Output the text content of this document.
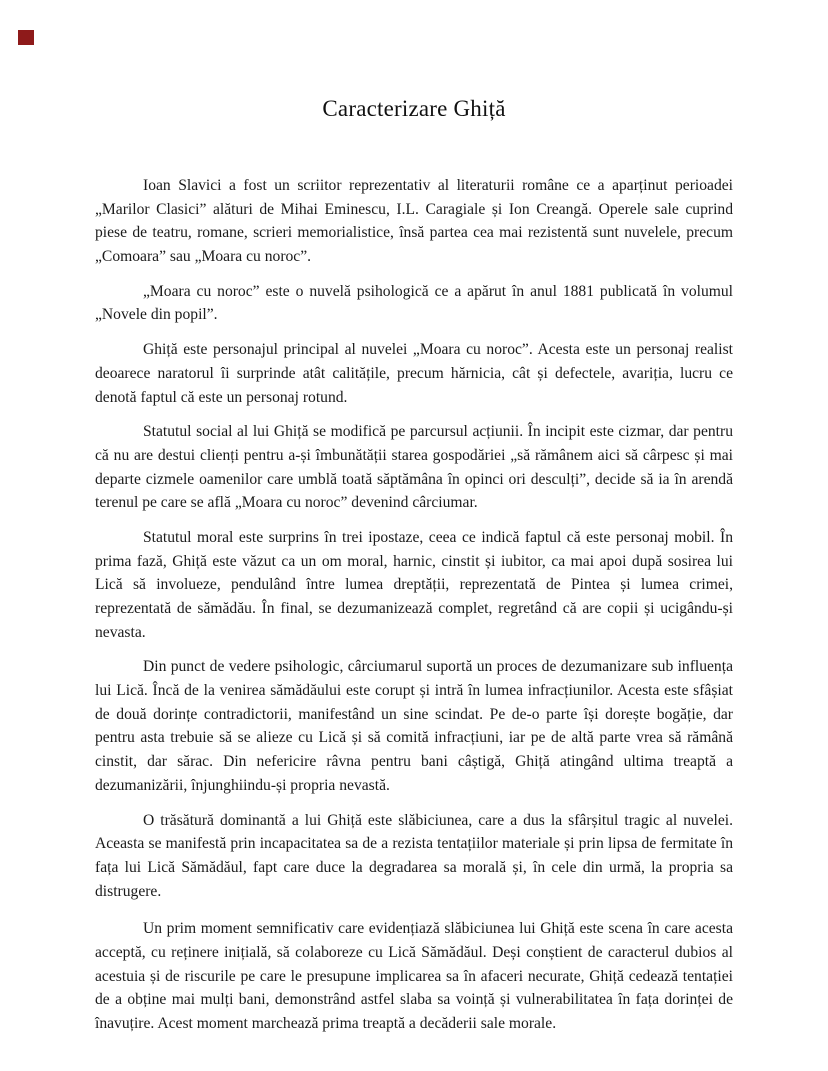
Caracterizare Ghiță

Ioan Slavici a fost un scriitor reprezentativ al literaturii române ce a aparținut perioadei „Marilor Clasici” alături de Mihai Eminescu, I.L. Caragiale și Ion Creangă. Operele sale cuprind piese de teatru, romane, scrieri memorialistice, însă partea cea mai rezistentă sunt nuvelele, precum „Comoara” sau „Moara cu noroc”.

„Moara cu noroc” este o nuvelă psihologică ce a apărut în anul 1881 publicată în volumul „Novele din popil”.

Ghiță este personajul principal al nuvelei „Moara cu noroc”. Acesta este un personaj realist deoarece naratorul îi surprinde atât calitățile, precum hărnicia, cât și defectele, avariția, lucru ce denotă faptul că este un personaj rotund.

Statutul social al lui Ghiță se modifică pe parcursul acțiunii. În incipit este cizmar, dar pentru că nu are destui clienți pentru a-și îmbunătății starea gospodăriei „să rămânem aici să cârpesc și mai departe cizmele oamenilor care umblă toată săptămâna în opinci ori desculți”, decide să ia în arendă terenul pe care se află „Moara cu noroc” devenind cârciumar.

Statutul moral este surprins în trei ipostaze, ceea ce indică faptul că este personaj mobil. În prima fază, Ghiță este văzut ca un om moral, harnic, cinstit și iubitor, ca mai apoi după sosirea lui Lică să involueze, pendulând între lumea dreptății, reprezentată de Pintea și lumea crimei, reprezentată de sămădău. În final, se dezumanizează complet, regretând că are copii și ucigându-și nevasta.

Din punct de vedere psihologic, cârciumarul suportă un proces de dezumanizare sub influența lui Lică. Încă de la venirea sămădăului este corupt și intră în lumea infracțiunilor. Acesta este sfâșiat de două dorințe contradictorii, manifestând un sine scindat. Pe de-o parte își dorește bogăție, dar pentru asta trebuie să se alieze cu Lică și să comită infracțiuni, iar pe de altă parte vrea să rămână cinstit, dar sărac. Din nefericire râvna pentru bani câștigă, Ghiță atingând ultima treaptă a dezumanizării, înjunghiindu-și propria nevastă.

O trăsătură dominantă a lui Ghiță este slăbiciunea, care a dus la sfârșitul tragic al nuvelei. Aceasta se manifestă prin incapacitatea sa de a rezista tentațiilor materiale și prin lipsa de fermitate în fața lui Lică Sămădăul, fapt care duce la degradarea sa morală și, în cele din urmă, la propria sa distrugere.

Un prim moment semnificativ care evidențiază slăbiciunea lui Ghiță este scena în care acesta acceptă, cu reținere inițială, să colaboreze cu Lică Sămădăul. Deși conștient de caracterul dubios al acestuia și de riscurile pe care le presupune implicarea sa în afaceri necurate, Ghiță cedează tentației de a obține mai mulți bani, demonstrând astfel slaba sa voință și vulnerabilitatea în fața dorinței de înavuțire. Acest moment marchează prima treaptă a decăderii sale morale.
